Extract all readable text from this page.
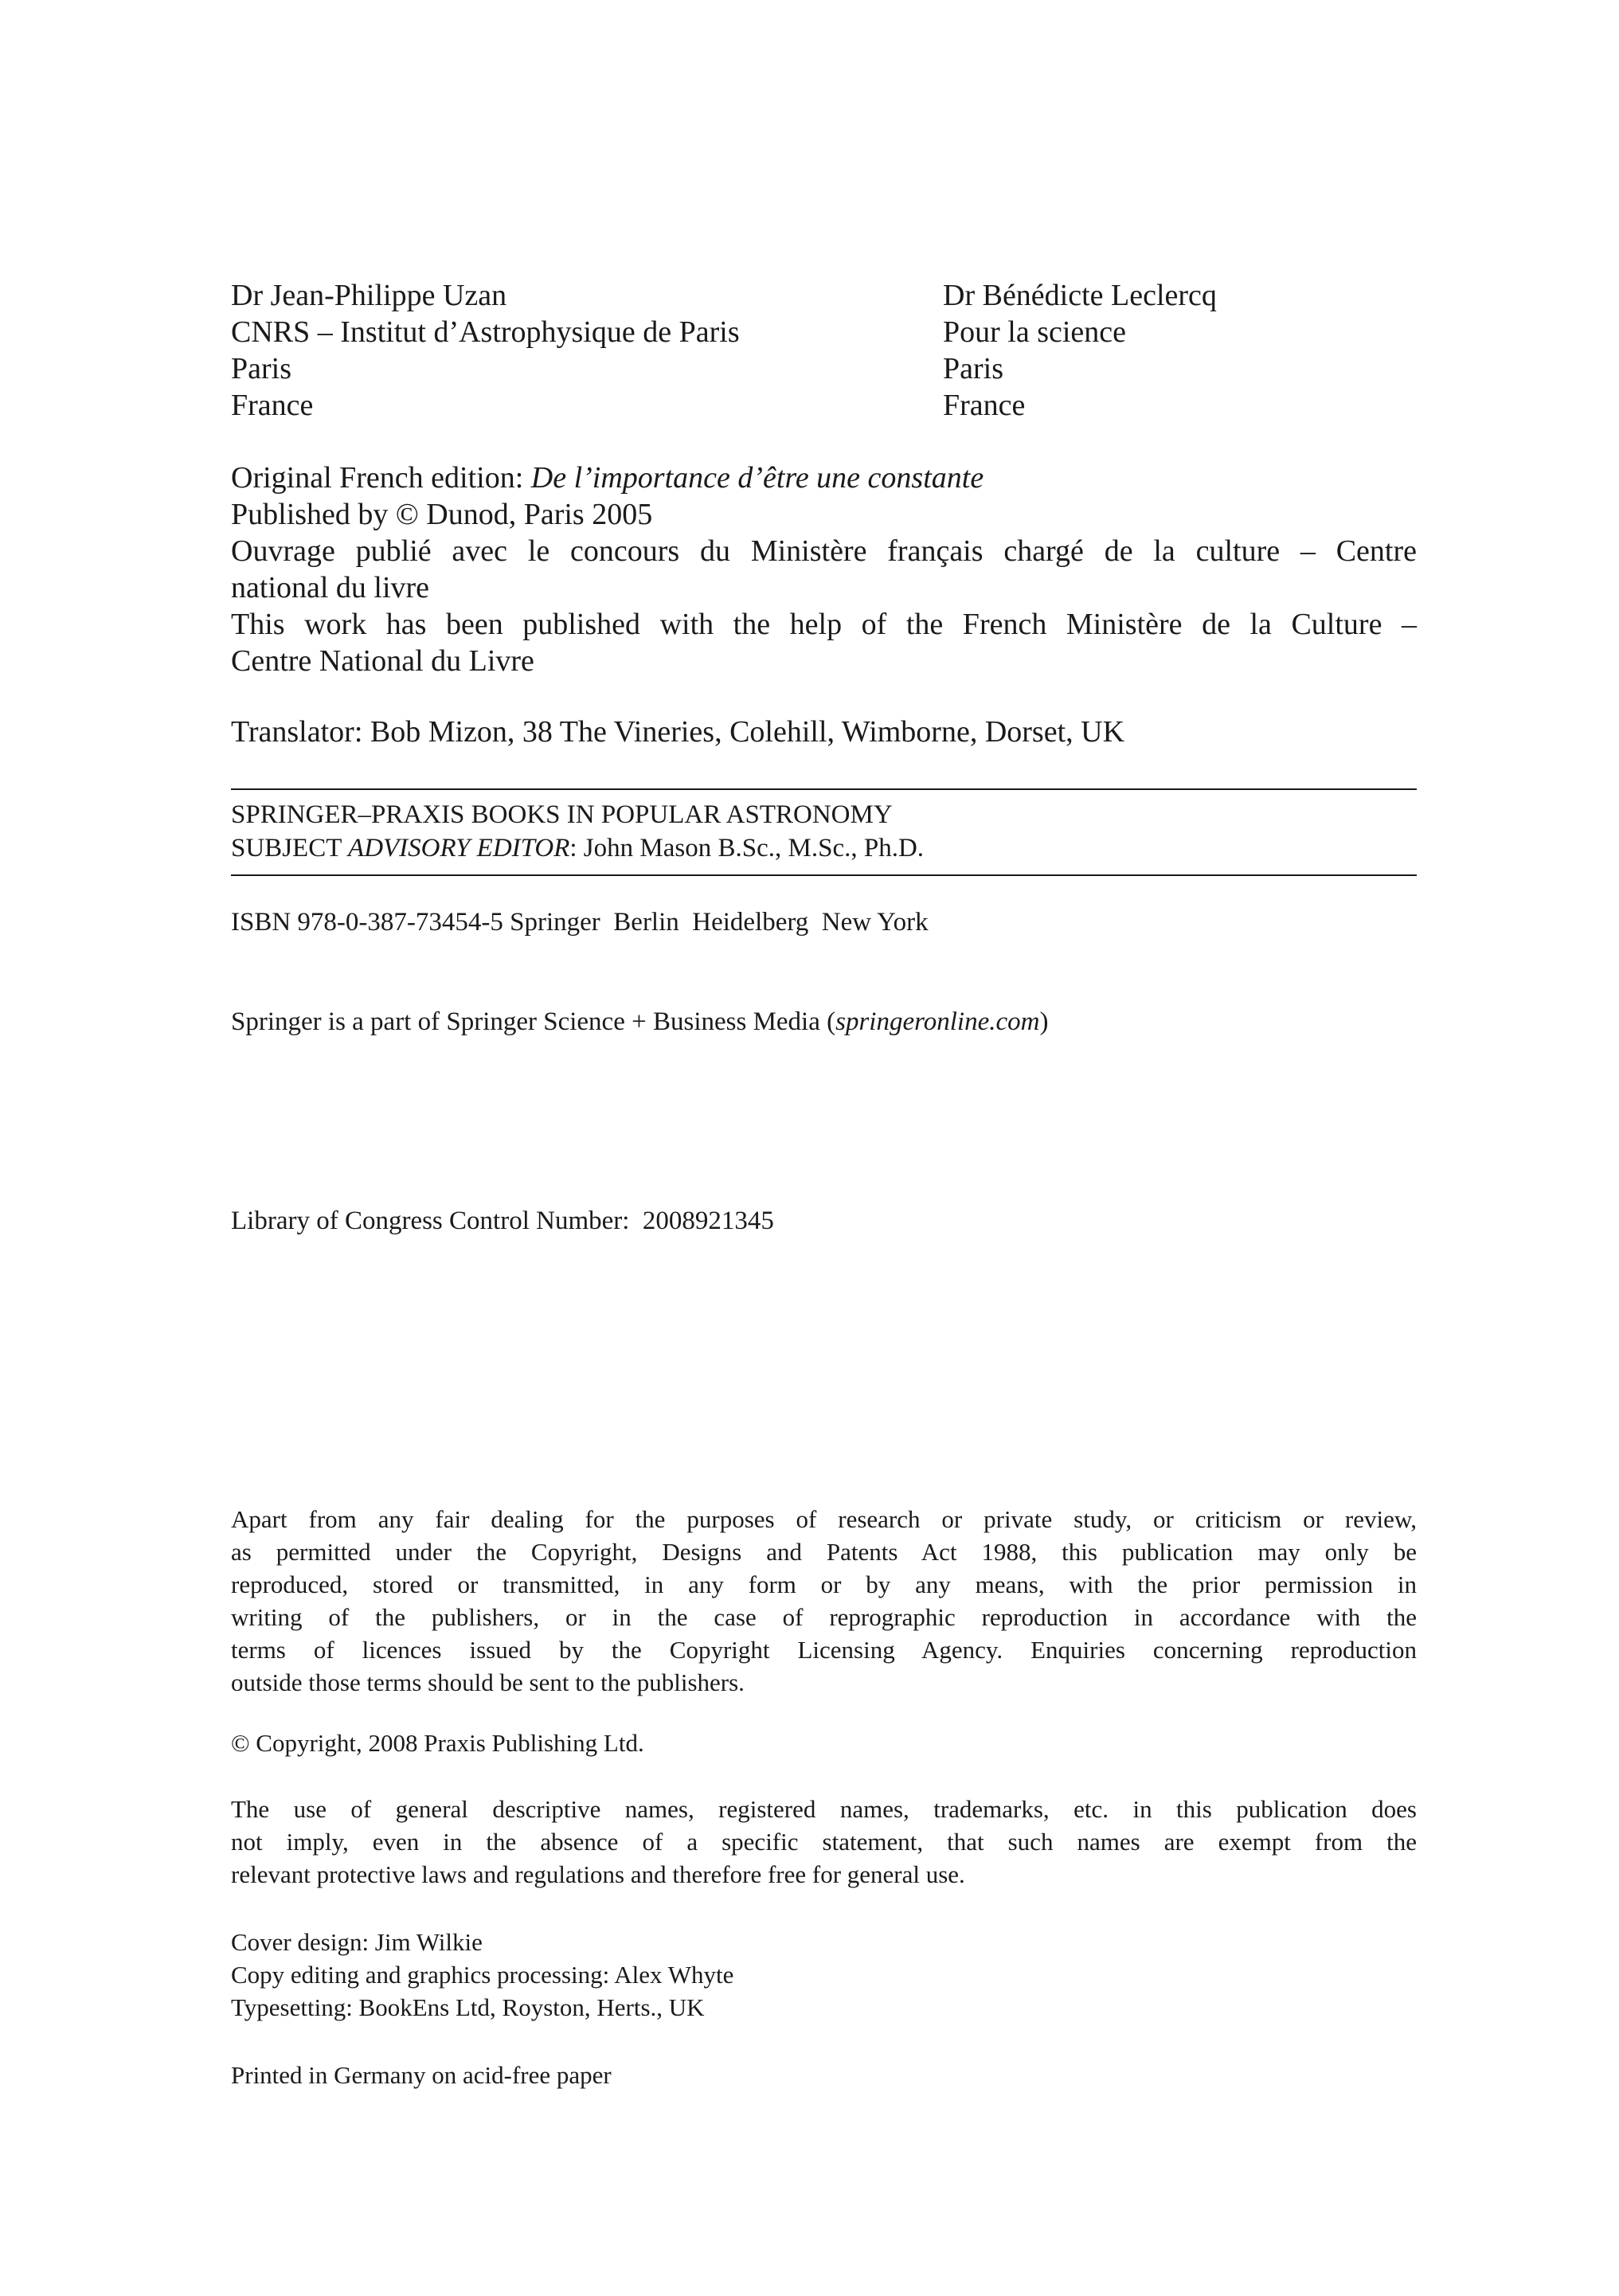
Dr Jean-Philippe Uzan
CNRS – Institut d’Astrophysique de Paris
Paris
France
Dr Bénédicte Leclercq
Pour la science
Paris
France
Original French edition: De l’importance d’être une constante
Published by © Dunod, Paris 2005
Ouvrage publié avec le concours du Ministère français chargé de la culture – Centre
national du livre
This work has been published with the help of the French Ministère de la Culture –
Centre National du Livre
Translator: Bob Mizon, 38 The Vineries, Colehill, Wimborne, Dorset, UK
SPRINGER–PRAXIS BOOKS IN POPULAR ASTRONOMY
SUBJECT ADVISORY EDITOR: John Mason B.Sc., M.Sc., Ph.D.
ISBN 978-0-387-73454-5 Springer  Berlin  Heidelberg  New York
Springer is a part of Springer Science + Business Media (springeronline.com)
Library of Congress Control Number:  2008921345
Apart from any fair dealing for the purposes of research or private study, or criticism or review,
as permitted under the Copyright, Designs and Patents Act 1988, this publication may only be
reproduced, stored or transmitted, in any form or by any means, with the prior permission in
writing of the publishers, or in the case of reprographic reproduction in accordance with the
terms of licences issued by the Copyright Licensing Agency. Enquiries concerning reproduction
outside those terms should be sent to the publishers.
© Copyright, 2008 Praxis Publishing Ltd.
The use of general descriptive names, registered names, trademarks, etc. in this publication does
not imply, even in the absence of a specific statement, that such names are exempt from the
relevant protective laws and regulations and therefore free for general use.
Cover design: Jim Wilkie
Copy editing and graphics processing: Alex Whyte
Typesetting: BookEns Ltd, Royston, Herts., UK
Printed in Germany on acid-free paper
